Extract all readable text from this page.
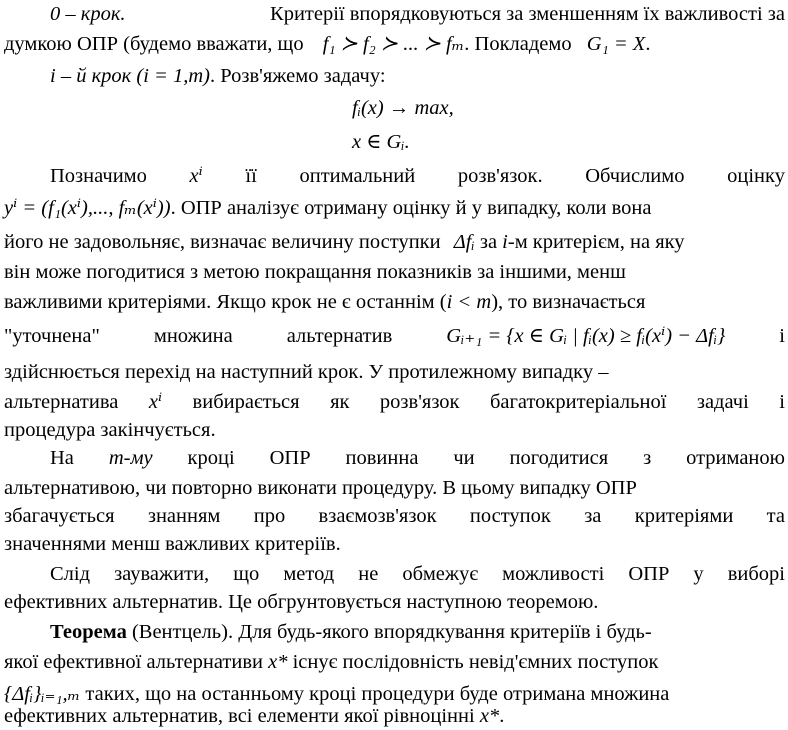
0 – крок.	Критерії впорядковуються за зменшенням їх важливості за
думкою ОПР (будемо вважати, що f₁ ≻ f₂ ≻ ... ≻ fₘ. Покладемо G₁ = X.
i – й крок (i = 1,m). Розв'яжемо задачу:
fᵢ(x) → max,
x ∈ Gᵢ.
Позначимо xⁱ її оптимальний розв'язок. Обчислимо оцінку
yⁱ = (f₁(xⁱ),..., fₘ(xⁱ)). ОПР аналізує отриману оцінку й у випадку, коли вона
його не задовольняє, визначає величину поступки Δfᵢ за i-м критерієм, на яку
він може погодитися з метою покращання показників за іншими, менш
важливими критеріями. Якщо крок не є останнім (i < m), то визначається
"уточнена"	множина	альтернатив	Gᵢ₊₁ = {x ∈ Gᵢ | fᵢ(x) ≥ fᵢ(xⁱ) − Δfᵢ}	і
здійснюється перехід на наступний крок. У протилежному випадку –
альтернатива xⁱ вибирається як розв'язок багатокритеріальної задачі і
процедура закінчується.
На m-му кроці ОПР повинна чи погодитися з отриманою
альтернативою, чи повторно виконати процедуру. В цьому випадку ОПР
збагачується знанням про взаємозв'язок поступок за критеріями та
значеннями менш важливих критеріїв.
Слід зауважити, що метод не обмежує можливості ОПР у виборі
ефективних альтернатив. Це обгрунтовується наступною теоремою.
Теорема (Вентцель). Для будь-якого впорядкування критеріїв і будь-
якої ефективної альтернативи x* існує послідовність невід'ємних поступок
{Δfᵢ}ᵢ₌₁,ₘ таких, що на останньому кроці процедури буде отримана множина
ефективних альтернатив, всі елементи якої рівноцінні x*.
